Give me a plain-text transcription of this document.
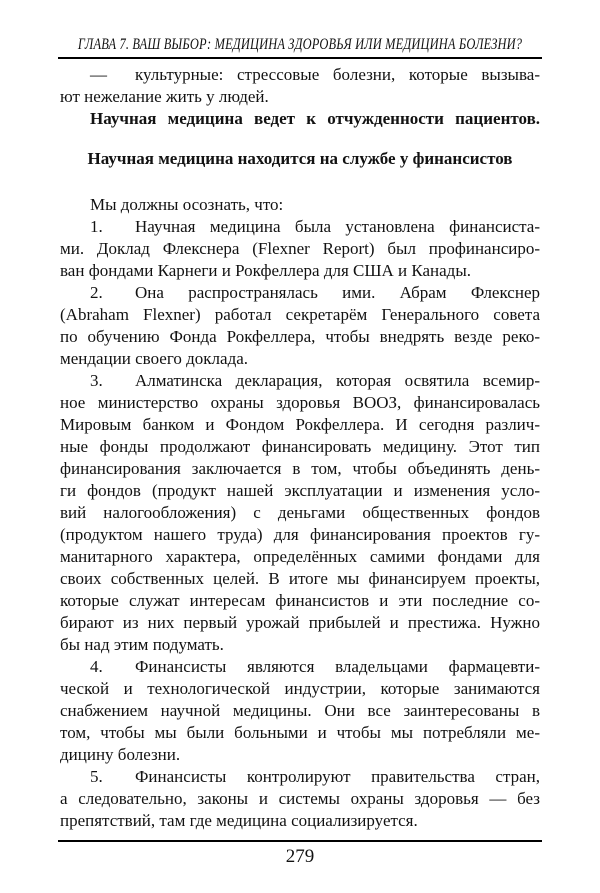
ГЛАВА 7. ВАШ ВЫБОР: МЕДИЦИНА ЗДОРОВЬЯ ИЛИ МЕДИЦИНА БОЛЕЗНИ?
— культурные: стрессовые болезни, которые вызыва-
ют нежелание жить у людей.
Научная медицина ведет к отчужденности пациентов.
Научная медицина находится на службе у финансистов
Мы должны осознать, что:
1. Научная медицина была установлена финансиста-
ми. Доклад Флекснера (Flexner Report) был профинансиро-
ван фондами Карнеги и Рокфеллера для США и Канады.
2. Она распространялась ими. Абрам Флекснер
(Abraham Flexner) работал секретарём Генерального совета
по обучению Фонда Рокфеллера, чтобы внедрять везде реко-
мендации своего доклада.
3. Алматинска декларация, которая освятила всемир-
ное министерство охраны здоровья ВООЗ, финансировалась
Мировым банком и Фондом Рокфеллера. И сегодня различ-
ные фонды продолжают финансировать медицину. Этот тип
финансирования заключается в том, чтобы объединять день-
ги фондов (продукт нашей эксплуатации и изменения усло-
вий налогообложения) с деньгами общественных фондов
(продуктом нашего труда) для финансирования проектов гу-
манитарного характера, определённых самими фондами для
своих собственных целей. В итоге мы финансируем проекты,
которые служат интересам финансистов и эти последние со-
бирают из них первый урожай прибылей и престижа. Нужно
бы над этим подумать.
4. Финансисты являются владельцами фармацевти-
ческой и технологической индустрии, которые занимаются
снабжением научной медицины. Они все заинтересованы в
том, чтобы мы были больными и чтобы мы потребляли ме-
дицину болезни.
5. Финансисты контролируют правительства стран,
а следовательно, законы и системы охраны здоровья — без
препятствий, там где медицина социализируется.
279
